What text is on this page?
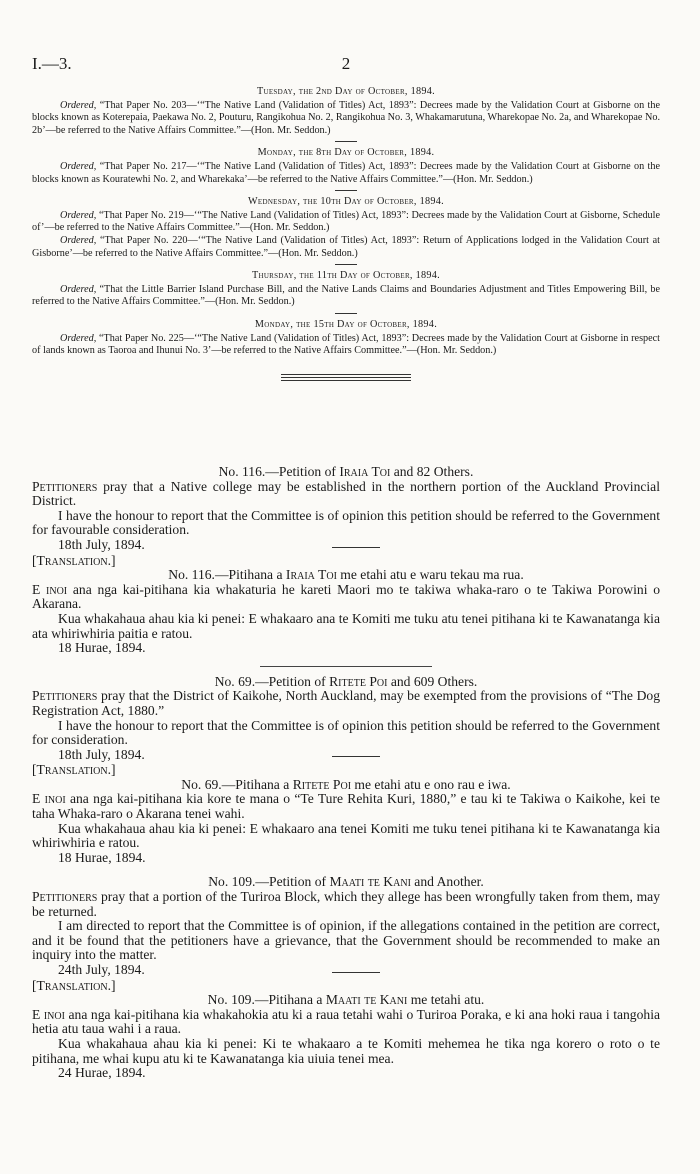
I.—3.	2
Tuesday, the 2nd Day of October, 1894.

Ordered, “That Paper No. 203—‘“The Native Land (Validation of Titles) Act, 1893”: Decrees made by the Validation Court at Gisborne on the blocks known as Koterepaia, Paekawa No. 2, Pouturu, Rangikohua No. 2, Rangikohua No. 3, Whakamarutuna, Wharekopae No. 2a, and Wharekopae No. 2b’—be referred to the Native Affairs Committee.”—(Hon. Mr. Seddon.)

Monday, the 8th Day of October, 1894.

Ordered, “That Paper No. 217—‘“The Native Land (Validation of Titles) Act, 1893”: Decrees made by the Validation Court at Gisborne on the blocks known as Kouratewhi No. 2, and Wharekaka’—be referred to the Native Affairs Committee.”—(Hon. Mr. Seddon.)

Wednesday, the 10th Day of October, 1894.

Ordered, “That Paper No. 219—‘“The Native Land (Validation of Titles) Act, 1893”: Decrees made by the Validation Court at Gisborne, Schedule of’—be referred to the Native Affairs Committee.”—(Hon. Mr. Seddon.)

Ordered, “That Paper No. 220—‘“The Native Land (Validation of Titles) Act, 1893”: Return of Applications lodged in the Validation Court at Gisborne’—be referred to the Native Affairs Committee.”—(Hon. Mr. Seddon.)

Thursday, the 11th Day of October, 1894.

Ordered, “That the Little Barrier Island Purchase Bill, and the Native Lands Claims and Boundaries Adjustment and Titles Empowering Bill, be referred to the Native Affairs Committee.”—(Hon. Mr. Seddon.)

Monday, the 15th Day of October, 1894.

Ordered, “That Paper No. 225—‘“The Native Land (Validation of Titles) Act, 1893”: Decrees made by the Validation Court at Gisborne in respect of lands known as Taoroa and Ihunui No. 3’—be referred to the Native Affairs Committee.”—(Hon. Mr. Seddon.)

No. 116.—Petition of Iraia Toi and 82 Others.

Petitioners pray that a Native college may be established in the northern portion of the Auckland Provincial District.

I have the honour to report that the Committee is of opinion this petition should be referred to the Government for favourable consideration.

18th July, 1894.

[Translation.]

No. 116.—Pitihana a Iraia Toi me etahi atu e waru tekau ma rua.

E inoi ana nga kai-pitihana kia whakaturia he kareti Maori mo te takiwa whaka-raro o te Takiwa Porowini o Akarana.

Kua whakahaua ahau kia ki penei: E whakaaro ana te Komiti me tuku atu tenei pitihana ki te Kawanatanga kia ata whiriwhiria paitia e ratou.

18 Hurae, 1894.

No. 69.—Petition of Ritete Poi and 609 Others.

Petitioners pray that the District of Kaikohe, North Auckland, may be exempted from the provisions of “The Dog Registration Act, 1880.”

I have the honour to report that the Committee is of opinion this petition should be referred to the Government for consideration.

18th July, 1894.

[Translation.]

No. 69.—Pitihana a Ritete Poi me etahi atu e ono rau e iwa.

E inoi ana nga kai-pitihana kia kore te mana o “Te Ture Rehita Kuri, 1880,” e tau ki te Takiwa o Kaikohe, kei te taha Whaka-raro o Akarana tenei wahi.

Kua whakahaua ahau kia ki penei: E whakaaro ana tenei Komiti me tuku tenei pitihana ki te Kawanatanga kia whiriwhiria e ratou.

18 Hurae, 1894.

No. 109.—Petition of Maati te Kani and Another.

Petitioners pray that a portion of the Turiroa Block, which they allege has been wrongfully taken from them, may be returned.

I am directed to report that the Committee is of opinion, if the allegations contained in the petition are correct, and it be found that the petitioners have a grievance, that the Government should be recommended to make an inquiry into the matter.

24th July, 1894.

[Translation.]

No. 109.—Pitihana a Maati te Kani me tetahi atu.

E inoi ana nga kai-pitihana kia whakahokia atu ki a raua tetahi wahi o Turiroa Poraka, e ki ana hoki raua i tangohia hetia atu taua wahi i a raua.

Kua whakahaua ahau kia ki penei: Ki te whakaaro a te Komiti mehemea he tika nga korero o roto o te pitihana, me whai kupu atu ki te Kawanatanga kia uiuia tenei mea.

24 Hurae, 1894.
